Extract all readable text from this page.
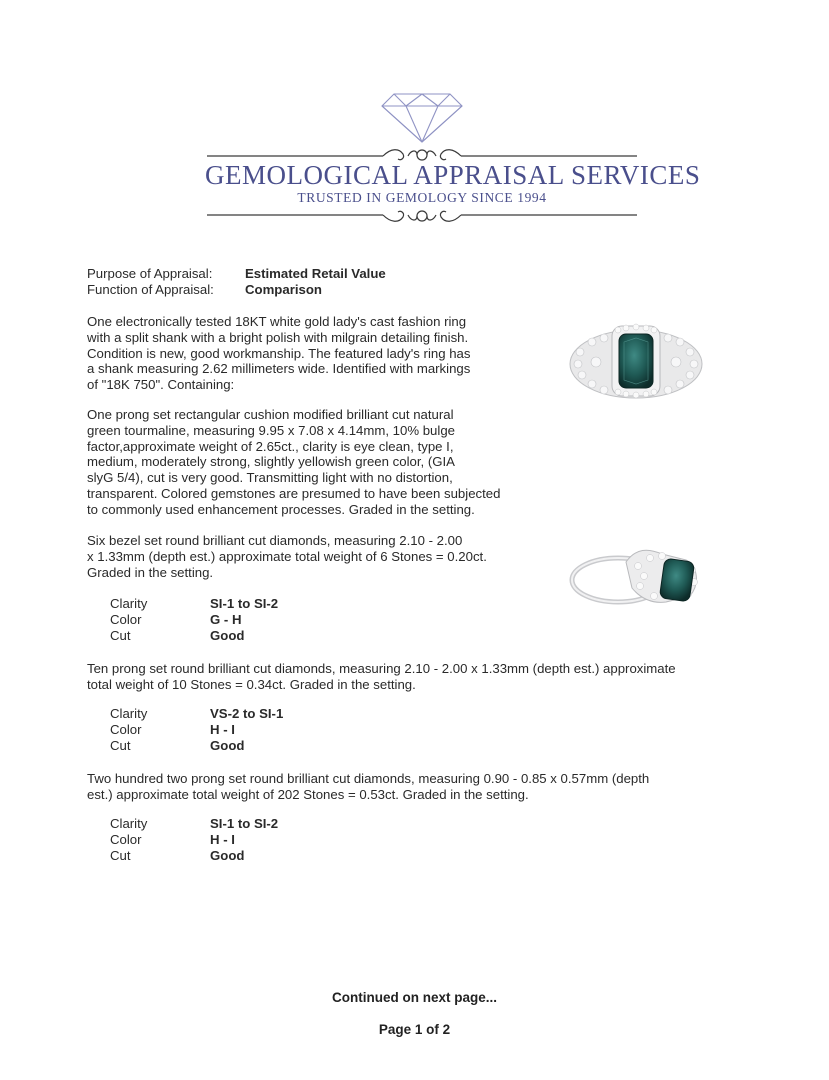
GEMOLOGICAL APPRAISAL SERVICES
TRUSTED IN GEMOLOGY SINCE 1994
Purpose of Appraisal: Estimated Retail Value
Function of Appraisal: Comparison
One electronically tested 18KT white gold lady's cast fashion ring
with a split shank with a bright polish with milgrain detailing finish.
Condition is new, good workmanship. The featured lady's ring has
a shank measuring 2.62 millimeters wide. Identified with markings
of "18K 750". Containing:
One prong set rectangular cushion modified brilliant cut natural
green tourmaline, measuring 9.95 x 7.08 x 4.14mm, 10% bulge
factor,approximate weight of 2.65ct., clarity is eye clean, type I,
medium, moderately strong, slightly yellowish green color, (GIA
slyG 5/4), cut is very good. Transmitting light with no distortion,
transparent. Colored gemstones are presumed to have been subjected
to commonly used enhancement processes. Graded in the setting.
Six bezel set round brilliant cut diamonds, measuring 2.10 - 2.00
x 1.33mm (depth est.) approximate total weight of 6 Stones = 0.20ct.
Graded in the setting.
Clarity	SI-1 to SI-2
Color	G - H
Cut	Good
Ten prong set round brilliant cut diamonds, measuring 2.10 - 2.00 x 1.33mm (depth est.) approximate
total weight of 10 Stones = 0.34ct. Graded in the setting.
Clarity	VS-2 to SI-1
Color	H - I
Cut	Good
Two hundred two prong set round brilliant cut diamonds, measuring 0.90 - 0.85 x 0.57mm (depth
est.) approximate total weight of 202 Stones = 0.53ct. Graded in the setting.
Clarity	SI-1 to SI-2
Color	H - I
Cut	Good
Continued on next page...
Page 1 of 2
